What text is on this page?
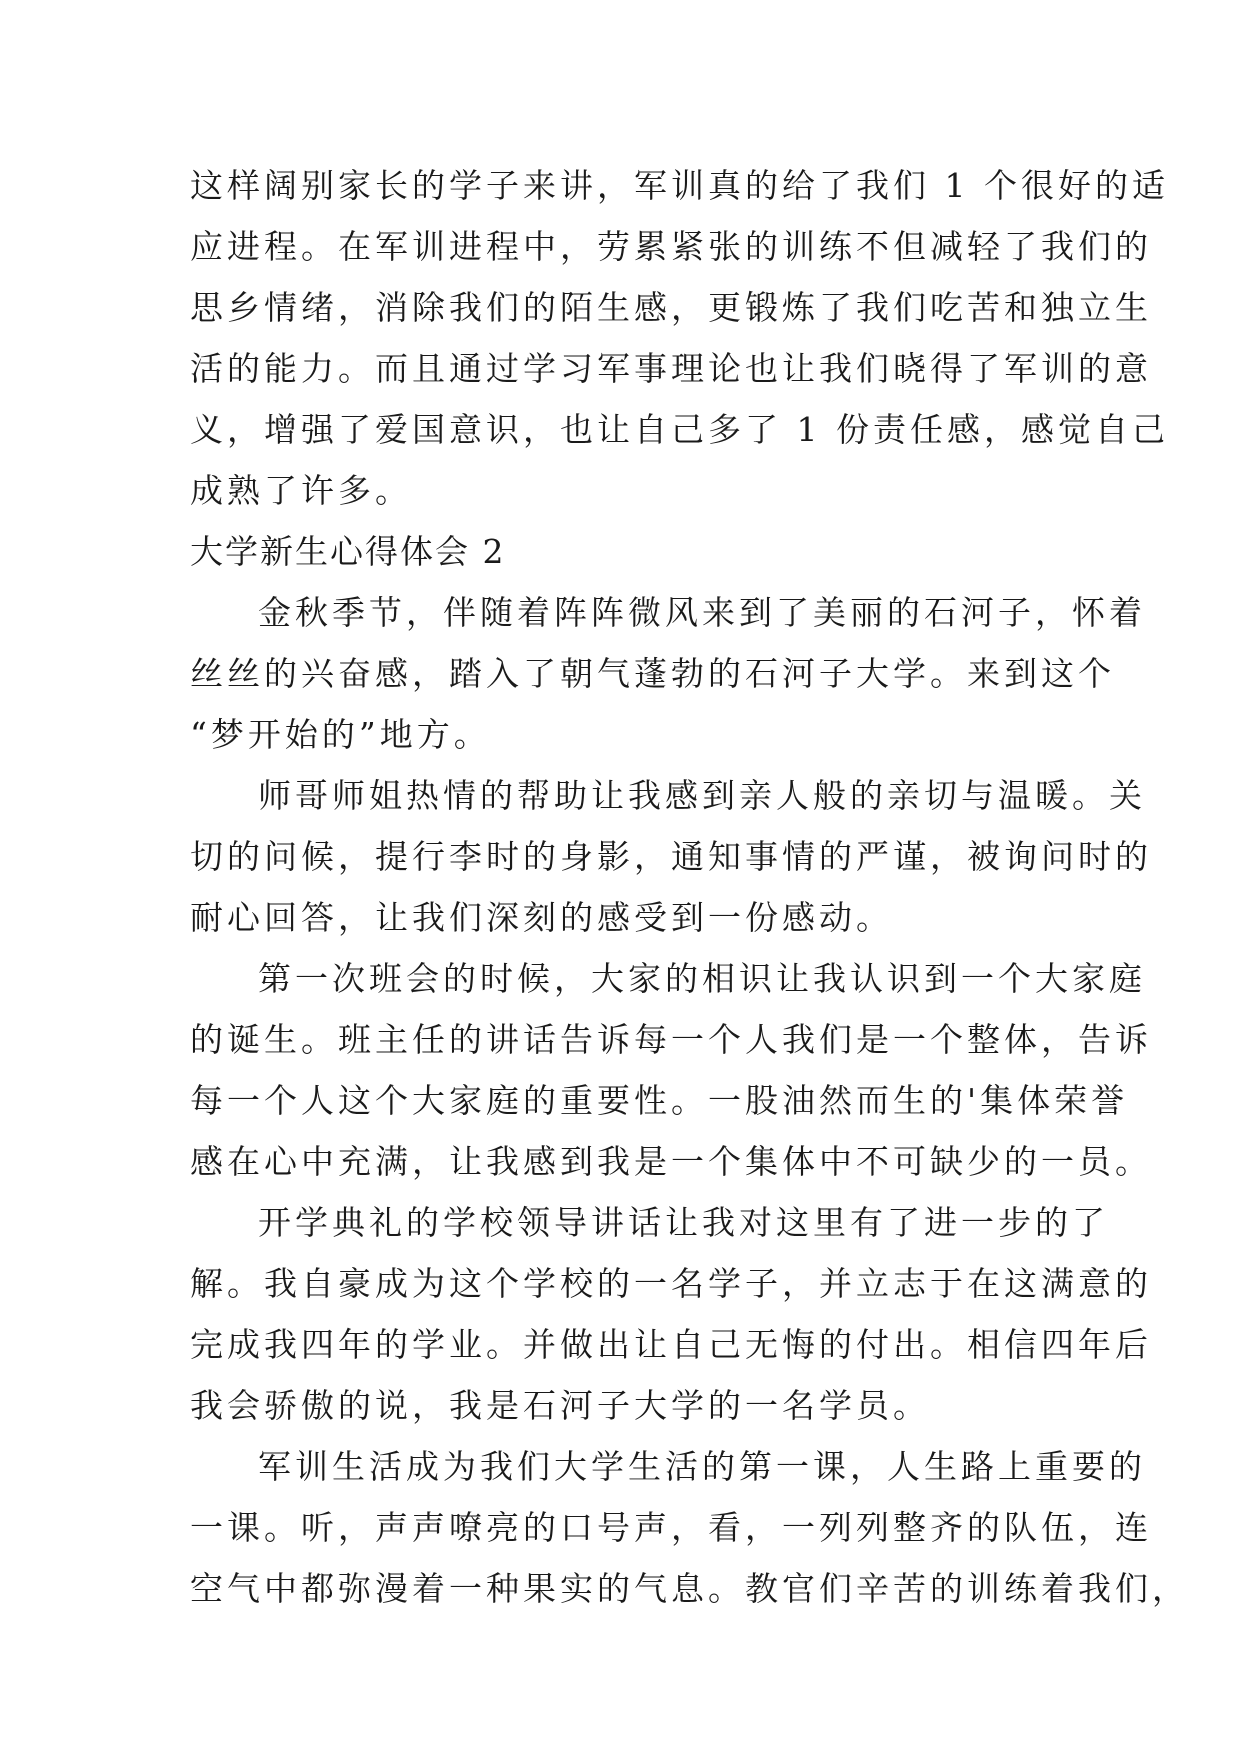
这样阔别家长的学子来讲，军训真的给了我们 1 个很好的适
应进程。在军训进程中，劳累紧张的训练不但减轻了我们的
思乡情绪，消除我们的陌生感，更锻炼了我们吃苦和独立生
活的能力。而且通过学习军事理论也让我们晓得了军训的意
义，增强了爱国意识，也让自己多了 1 份责任感，感觉自己
成熟了许多。
大学新生心得体会 2
金秋季节，伴随着阵阵微风来到了美丽的石河子，怀着
丝丝的兴奋感，踏入了朝气蓬勃的石河子大学。来到这个
“梦开始的”地方。
师哥师姐热情的帮助让我感到亲人般的亲切与温暖。关
切的问候，提行李时的身影，通知事情的严谨，被询问时的
耐心回答，让我们深刻的感受到一份感动。
第一次班会的时候，大家的相识让我认识到一个大家庭
的诞生。班主任的讲话告诉每一个人我们是一个整体，告诉
每一个人这个大家庭的重要性。一股油然而生的'集体荣誉
感在心中充满，让我感到我是一个集体中不可缺少的一员。
开学典礼的学校领导讲话让我对这里有了进一步的了
解。我自豪成为这个学校的一名学子，并立志于在这满意的
完成我四年的学业。并做出让自己无悔的付出。相信四年后
我会骄傲的说，我是石河子大学的一名学员。
军训生活成为我们大学生活的第一课，人生路上重要的
一课。听，声声嘹亮的口号声，看，一列列整齐的队伍，连
空气中都弥漫着一种果实的气息。教官们辛苦的训练着我们，
